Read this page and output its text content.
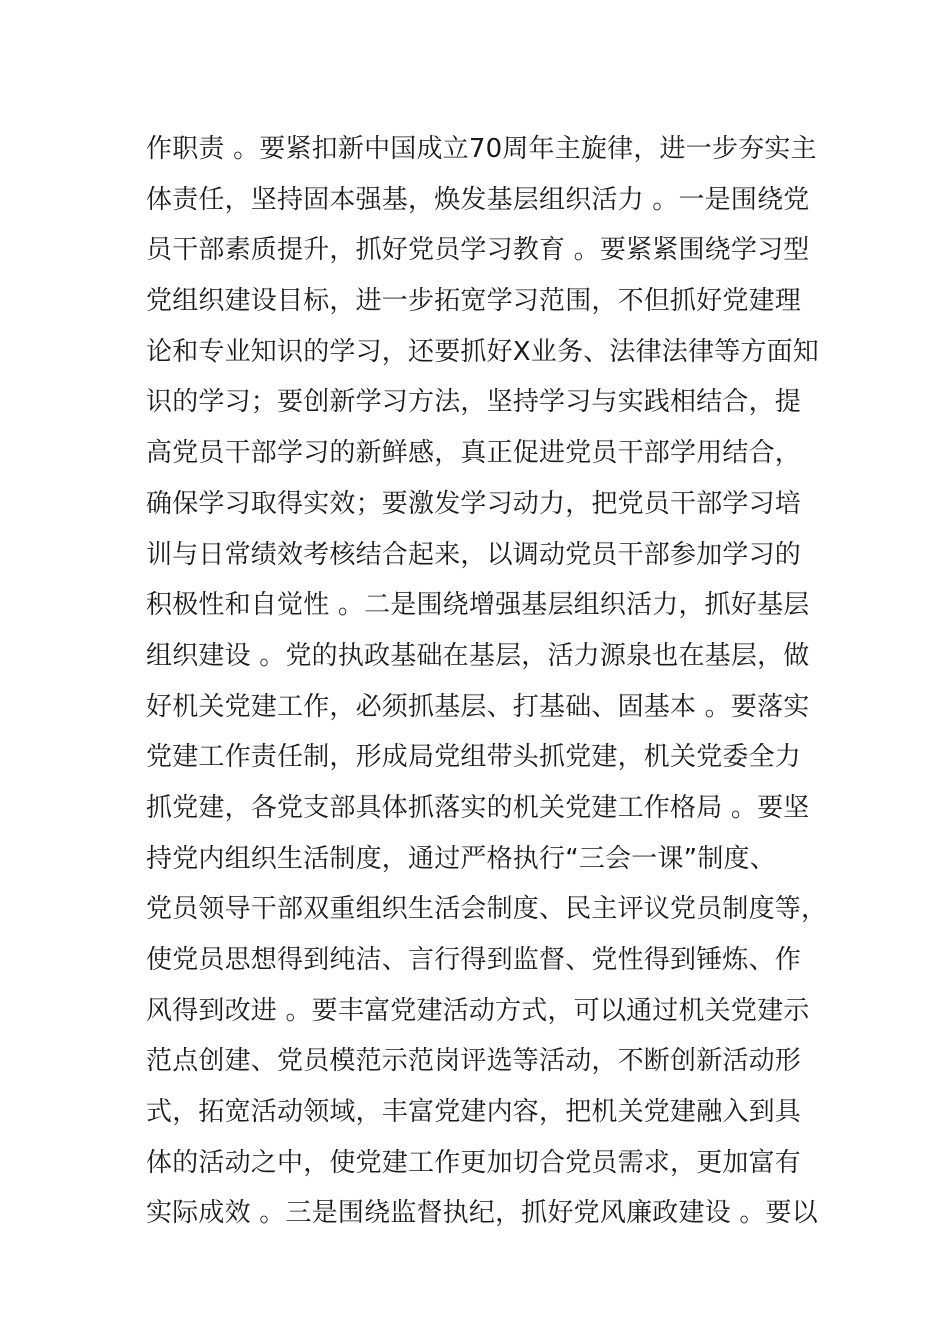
作职责 。要紧扣新中国成立70周年主旋律，进一步夯实主
体责任，坚持固本强基，焕发基层组织活力 。一是围绕党
员干部素质提升，抓好党员学习教育 。要紧紧围绕学习型
党组织建设目标，进一步拓宽学习范围，不但抓好党建理
论和专业知识的学习，还要抓好X业务、法律法律等方面知
识的学习；要创新学习方法，坚持学习与实践相结合，提
高党员干部学习的新鲜感，真正促进党员干部学用结合，
确保学习取得实效；要激发学习动力，把党员干部学习培
训与日常绩效考核结合起来，以调动党员干部参加学习的
积极性和自觉性 。二是围绕增强基层组织活力，抓好基层
组织建设 。党的执政基础在基层，活力源泉也在基层，做
好机关党建工作，必须抓基层、打基础、固基本 。要落实
党建工作责任制，形成局党组带头抓党建，机关党委全力
抓党建，各党支部具体抓落实的机关党建工作格局 。要坚
持党内组织生活制度，通过严格执行“三会一课”制度、
党员领导干部双重组织生活会制度、民主评议党员制度等，
使党员思想得到纯洁、言行得到监督、党性得到锤炼、作
风得到改进 。要丰富党建活动方式，可以通过机关党建示
范点创建、党员模范示范岗评选等活动，不断创新活动形
式，拓宽活动领域，丰富党建内容，把机关党建融入到具
体的活动之中，使党建工作更加切合党员需求，更加富有
实际成效 。三是围绕监督执纪，抓好党风廉政建设 。要以
